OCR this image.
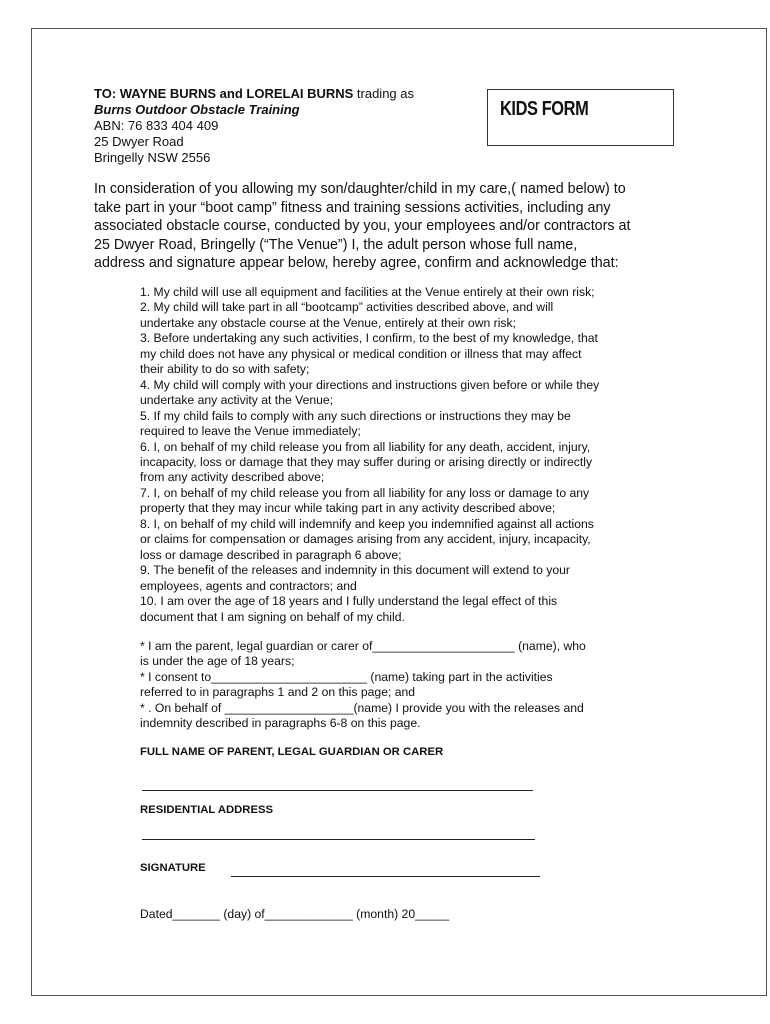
TO: WAYNE BURNS and LORELAI BURNS trading as
Burns Outdoor Obstacle Training
ABN: 76 833 404 409
25 Dwyer Road
Bringelly NSW 2556
KIDS FORM
In consideration of you allowing my son/daughter/child in my care,( named below) to
take part in your “boot camp” fitness and training sessions activities, including any
associated obstacle course, conducted by you, your employees and/or contractors at
25 Dwyer Road, Bringelly (“The Venue”) I, the adult person whose full name,
address and signature appear below, hereby agree, confirm and acknowledge that:
1. My child will use all equipment and facilities at the Venue entirely at their own risk;
2. My child will take part in all “bootcamp” activities described above, and will
undertake any obstacle course at the Venue, entirely at their own risk;
3. Before undertaking any such activities, I confirm, to the best of my knowledge, that
my child does not have any physical or medical condition or illness that may affect
their ability to do so with safety;
4. My child will comply with your directions and instructions given before or while they
undertake any activity at the Venue;
5. If my child fails to comply with any such directions or instructions they may be
required to leave the Venue immediately;
6. I, on behalf of my child release you from all liability for any death, accident, injury,
incapacity, loss or damage that they may suffer during or arising directly or indirectly
from any activity described above;
7. I, on behalf of my child release you from all liability for any loss or damage to any
property that they may incur while taking part in any activity described above;
8. I, on behalf of my child will indemnify and keep you indemnified against all actions
or claims for compensation or damages arising from any accident, injury, incapacity,
loss or damage described in paragraph 6 above;
9. The benefit of the releases and indemnity in this document will extend to your
employees, agents and contractors; and
10. I am over the age of 18 years and I fully understand the legal effect of this
document that I am signing on behalf of my child.
* I am the parent, legal guardian or carer of_____________________ (name), who
is under the age of 18 years;
* I consent to_______________________ (name) taking part in the activities
referred to in paragraphs 1 and 2 on this page; and
* . On behalf of ___________________(name) I provide you with the releases and
indemnity described in paragraphs 6-8 on this page.
FULL NAME OF PARENT, LEGAL GUARDIAN OR CARER
RESIDENTIAL ADDRESS
SIGNATURE
Dated_______ (day) of_____________ (month) 20_____
